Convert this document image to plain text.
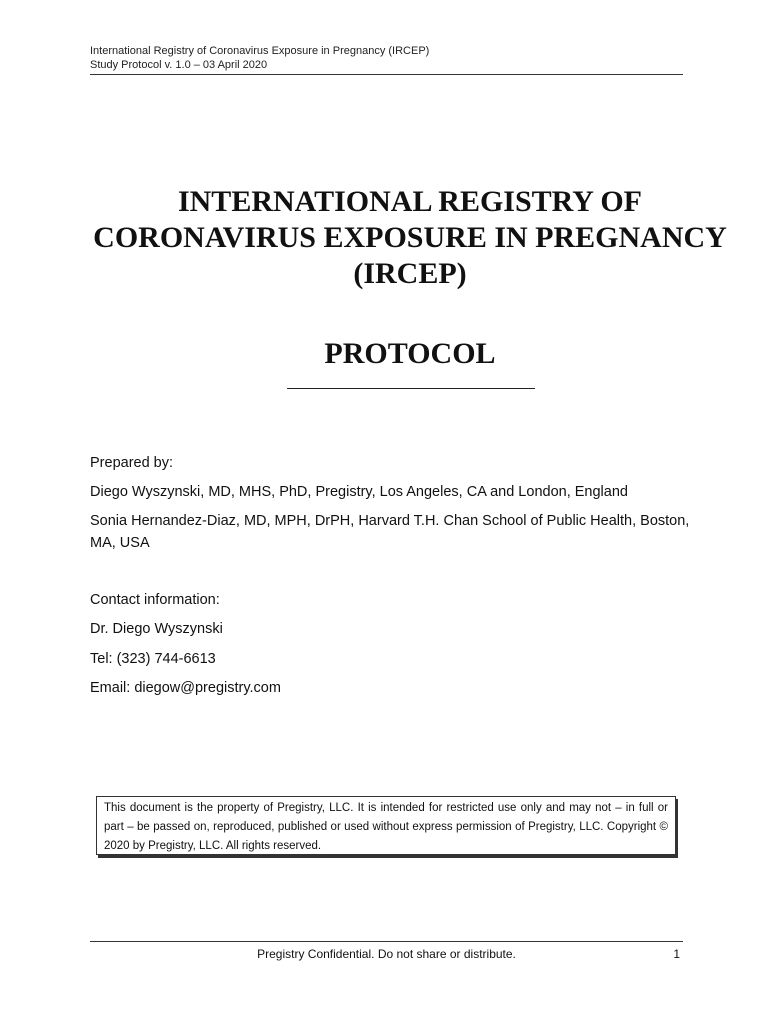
International Registry of Coronavirus Exposure in Pregnancy (IRCEP)
Study Protocol v. 1.0 – 03 April 2020
INTERNATIONAL REGISTRY OF
CORONAVIRUS EXPOSURE IN PREGNANCY
(IRCEP)
PROTOCOL
Prepared by:
Diego Wyszynski, MD, MHS, PhD, Pregistry, Los Angeles, CA and London, England
Sonia Hernandez-Diaz, MD, MPH, DrPH, Harvard T.H. Chan School of Public Health, Boston, MA, USA
Contact information:
Dr. Diego Wyszynski
Tel: (323) 744-6613
Email: diegow@pregistry.com
This document is the property of Pregistry, LLC. It is intended for restricted use only and may not – in full or part – be passed on, reproduced, published or used without express permission of Pregistry, LLC. Copyright © 2020 by Pregistry, LLC. All rights reserved.
Pregistry Confidential. Do not share or distribute.	1
